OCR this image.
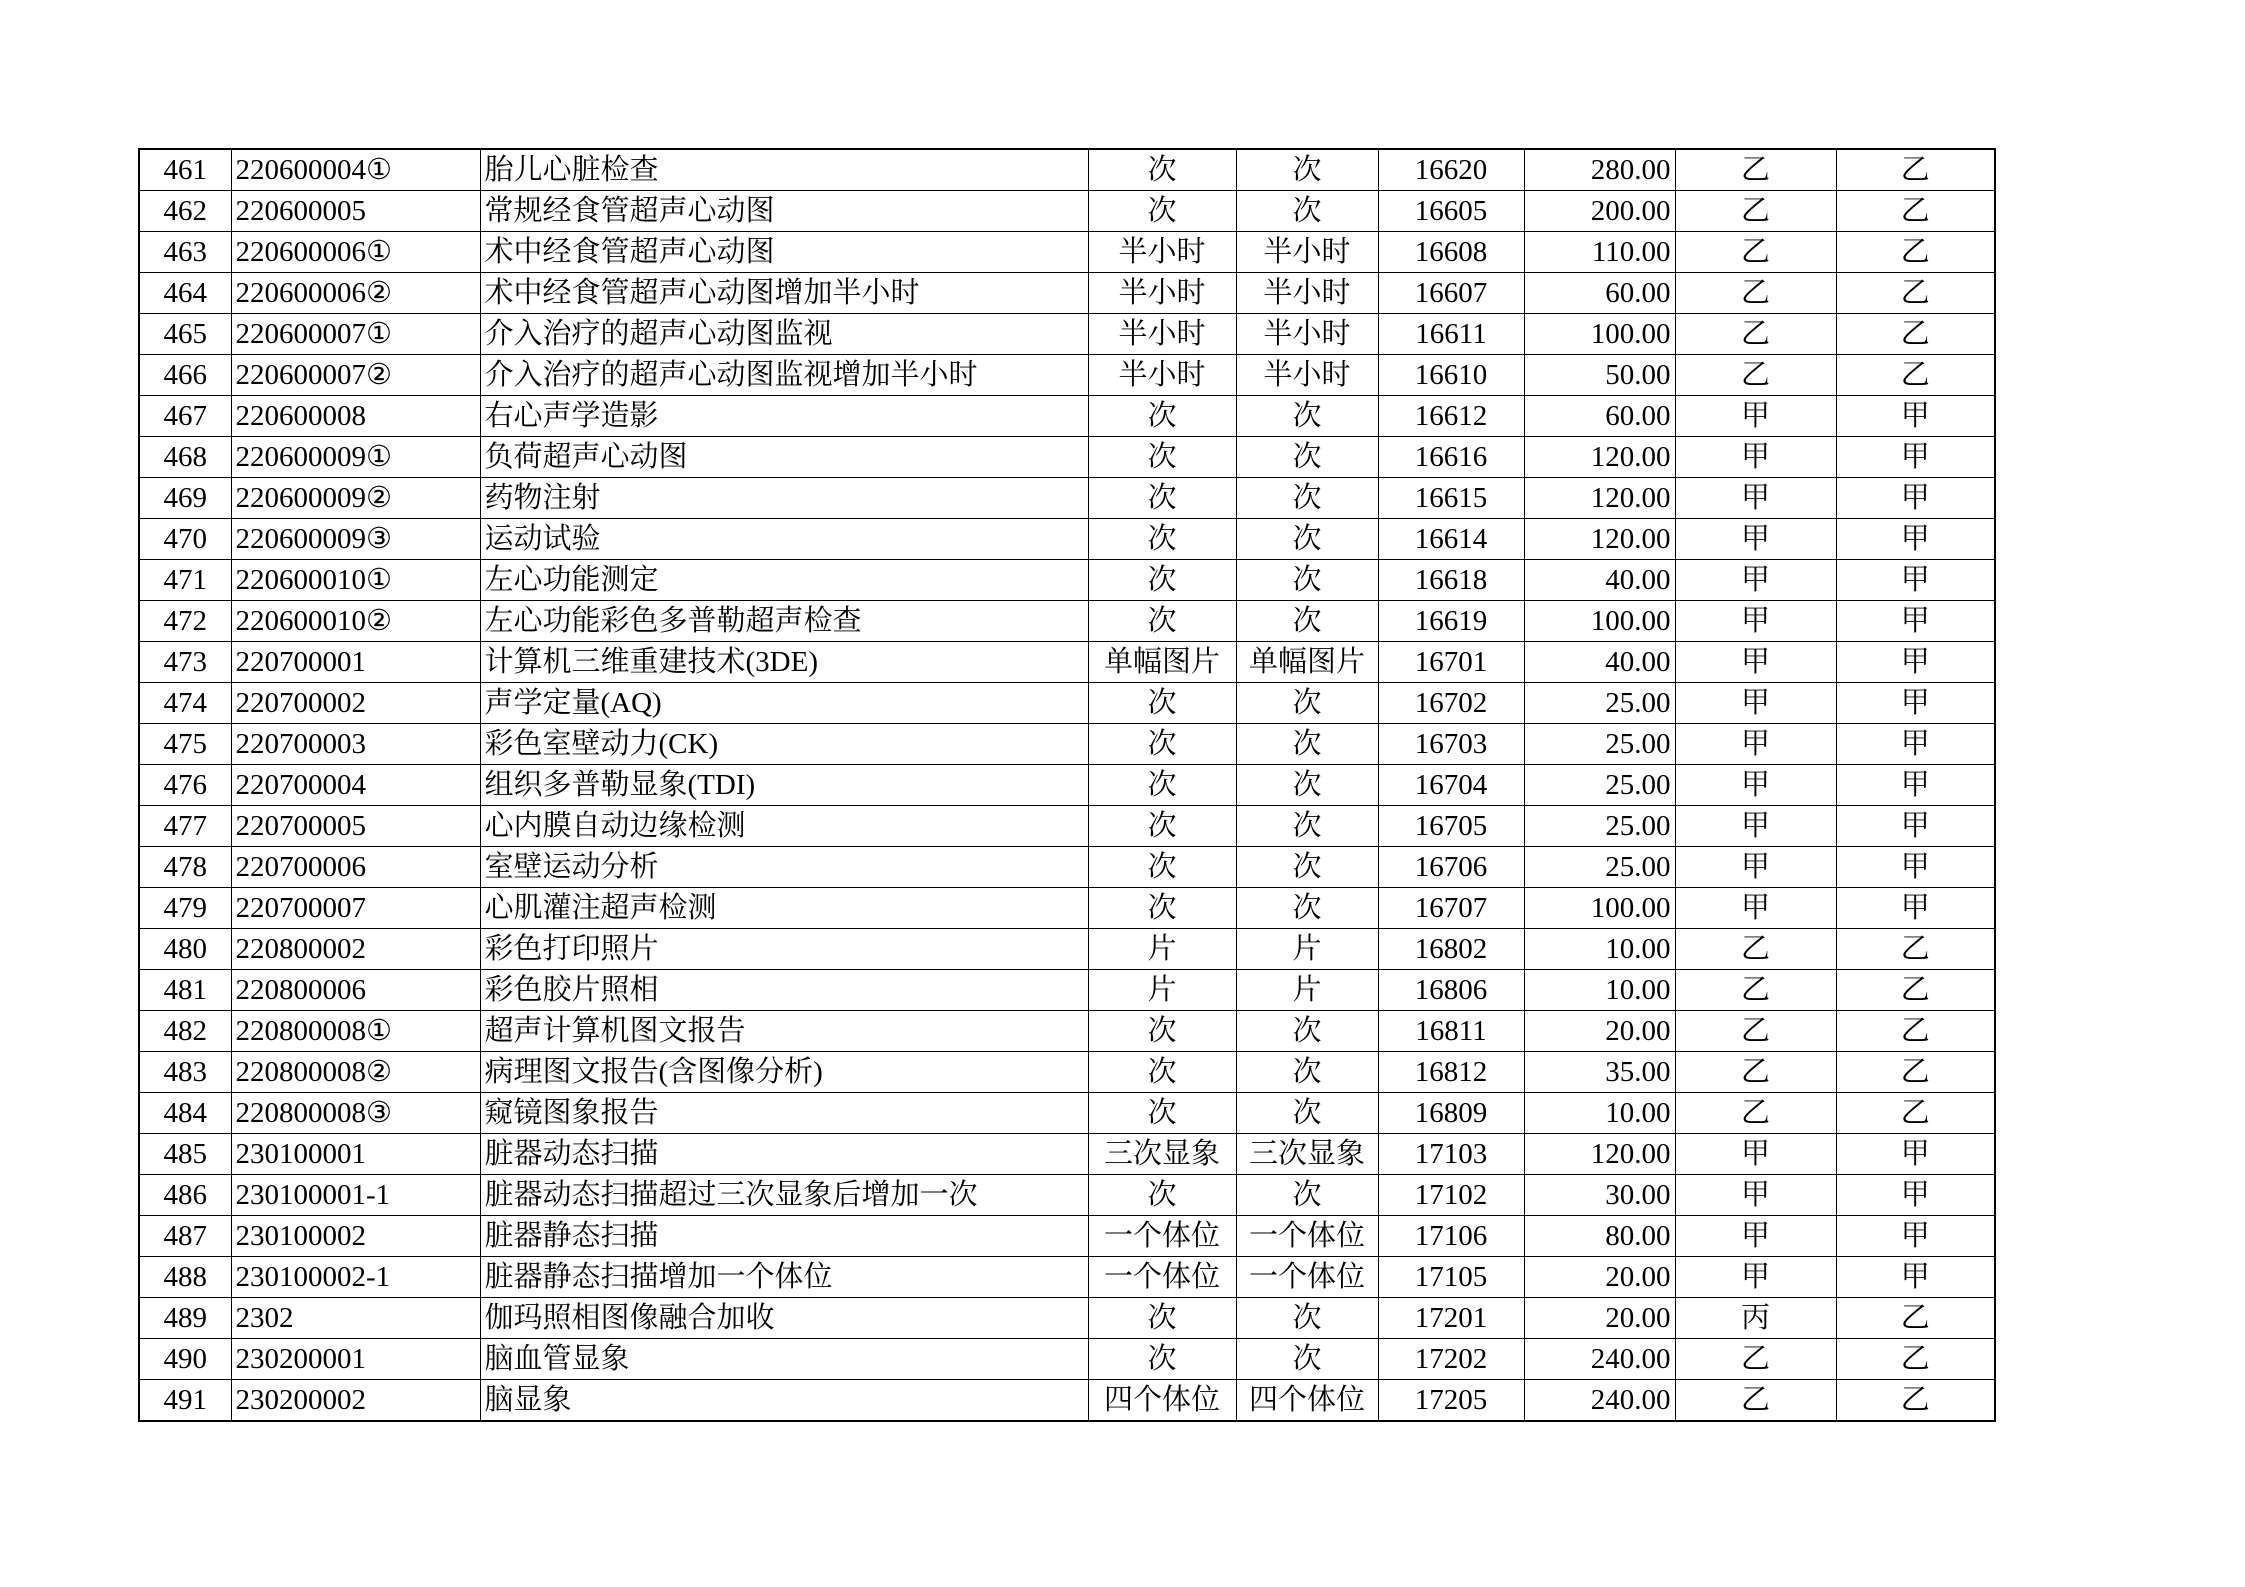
461	220600004①	胎儿心脏检查	次	次	16620	280.00	乙	乙
462	220600005	常规经食管超声心动图	次	次	16605	200.00	乙	乙
463	220600006①	术中经食管超声心动图	半小时	半小时	16608	110.00	乙	乙
464	220600006②	术中经食管超声心动图增加半小时	半小时	半小时	16607	60.00	乙	乙
465	220600007①	介入治疗的超声心动图监视	半小时	半小时	16611	100.00	乙	乙
466	220600007②	介入治疗的超声心动图监视增加半小时	半小时	半小时	16610	50.00	乙	乙
467	220600008	右心声学造影	次	次	16612	60.00	甲	甲
468	220600009①	负荷超声心动图	次	次	16616	120.00	甲	甲
469	220600009②	药物注射	次	次	16615	120.00	甲	甲
470	220600009③	运动试验	次	次	16614	120.00	甲	甲
471	220600010①	左心功能测定	次	次	16618	40.00	甲	甲
472	220600010②	左心功能彩色多普勒超声检查	次	次	16619	100.00	甲	甲
473	220700001	计算机三维重建技术(3DE)	单幅图片	单幅图片	16701	40.00	甲	甲
474	220700002	声学定量(AQ)	次	次	16702	25.00	甲	甲
475	220700003	彩色室壁动力(CK)	次	次	16703	25.00	甲	甲
476	220700004	组织多普勒显象(TDI)	次	次	16704	25.00	甲	甲
477	220700005	心内膜自动边缘检测	次	次	16705	25.00	甲	甲
478	220700006	室壁运动分析	次	次	16706	25.00	甲	甲
479	220700007	心肌灌注超声检测	次	次	16707	100.00	甲	甲
480	220800002	彩色打印照片	片	片	16802	10.00	乙	乙
481	220800006	彩色胶片照相	片	片	16806	10.00	乙	乙
482	220800008①	超声计算机图文报告	次	次	16811	20.00	乙	乙
483	220800008②	病理图文报告(含图像分析)	次	次	16812	35.00	乙	乙
484	220800008③	窥镜图象报告	次	次	16809	10.00	乙	乙
485	230100001	脏器动态扫描	三次显象	三次显象	17103	120.00	甲	甲
486	230100001-1	脏器动态扫描超过三次显象后增加一次	次	次	17102	30.00	甲	甲
487	230100002	脏器静态扫描	一个体位	一个体位	17106	80.00	甲	甲
488	230100002-1	脏器静态扫描增加一个体位	一个体位	一个体位	17105	20.00	甲	甲
489	2302	伽玛照相图像融合加收	次	次	17201	20.00	丙	乙
490	230200001	脑血管显象	次	次	17202	240.00	乙	乙
491	230200002	脑显象	四个体位	四个体位	17205	240.00	乙	乙
